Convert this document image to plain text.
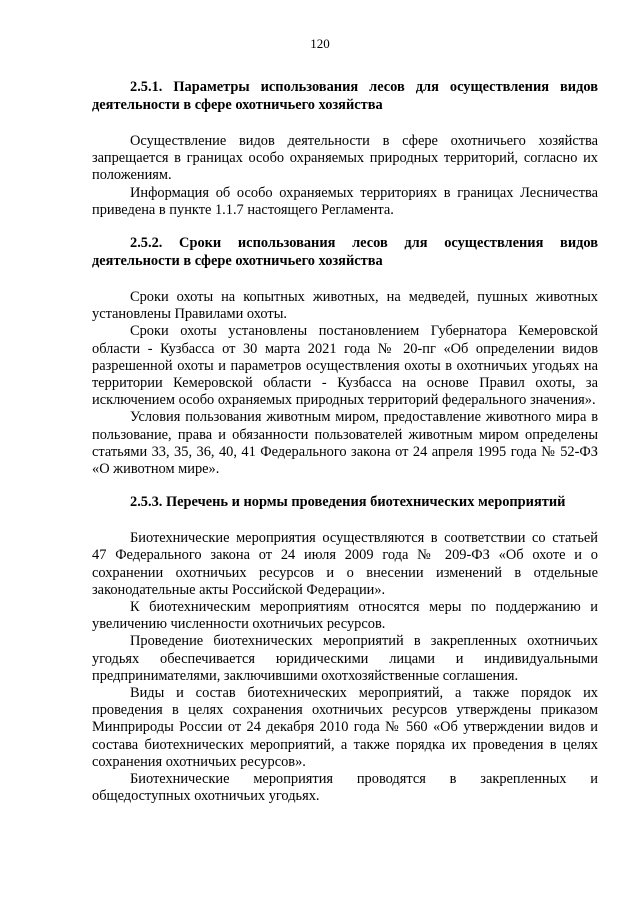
120

2.5.1. Параметры использования лесов для осуществления видов деятельности в сфере охотничьего хозяйства

Осуществление видов деятельности в сфере охотничьего хозяйства запрещается в границах особо охраняемых природных территорий, согласно их положениям.

Информация об особо охраняемых территориях в границах Лесничества приведена в пункте 1.1.7 настоящего Регламента.

2.5.2. Сроки использования лесов для осуществления видов деятельности в сфере охотничьего хозяйства

Сроки охоты на копытных животных, на медведей, пушных животных установлены Правилами охоты.

Сроки охоты установлены постановлением Губернатора Кемеровской области - Кузбасса от 30 марта 2021 года № 20-пг «Об определении видов разрешенной охоты и параметров осуществления охоты в охотничьих угодьях на территории Кемеровской области - Кузбасса на основе Правил охоты, за исключением особо охраняемых природных территорий федерального значения».

Условия пользования животным миром, предоставление животного мира в пользование, права и обязанности пользователей животным миром определены статьями 33, 35, 36, 40, 41 Федерального закона от 24 апреля 1995 года № 52-ФЗ «О животном мире».

2.5.3. Перечень и нормы проведения биотехнических мероприятий

Биотехнические мероприятия осуществляются в соответствии со статьей 47 Федерального закона от 24 июля 2009 года № 209-ФЗ «Об охоте и о сохранении охотничьих ресурсов и о внесении изменений в отдельные законодательные акты Российской Федерации».

К биотехническим мероприятиям относятся меры по поддержанию и увеличению численности охотничьих ресурсов.

Проведение биотехнических мероприятий в закрепленных охотничьих угодьях обеспечивается юридическими лицами и индивидуальными предпринимателями, заключившими охотхозяйственные соглашения.

Виды и состав биотехнических мероприятий, а также порядок их проведения в целях сохранения охотничьих ресурсов утверждены приказом Минприроды России от 24 декабря 2010 года № 560 «Об утверждении видов и состава биотехнических мероприятий, а также порядка их проведения в целях сохранения охотничьих ресурсов».

Биотехнические мероприятия проводятся в закрепленных и общедоступных охотничьих угодьях.
